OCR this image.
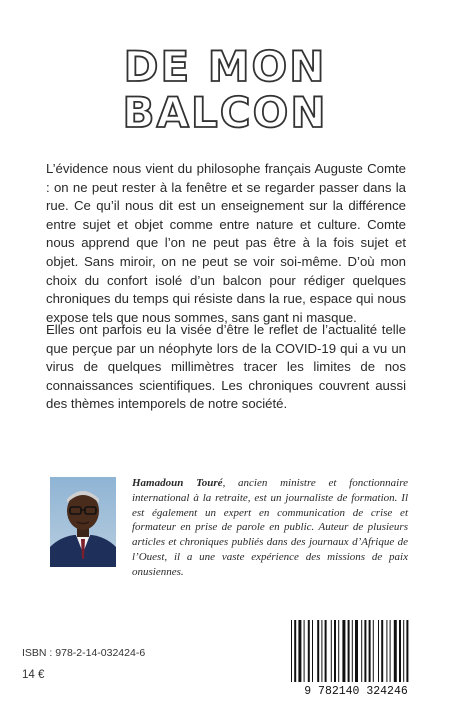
DE MON
BALCON

L’évidence nous vient du philosophe français Auguste Comte : on ne peut rester à la fenêtre et se regarder passer dans la rue. Ce qu’il nous dit est un enseignement sur la différence entre sujet et objet comme entre nature et culture. Comte nous apprend que l’on ne peut pas être à la fois sujet et objet. Sans miroir, on ne peut se voir soi-même. D’où mon choix du confort isolé d’un balcon pour rédiger quelques chroniques du temps qui résiste dans la rue, espace qui nous expose tels que nous sommes, sans gant ni masque.

Elles ont parfois eu la visée d’être le reflet de l’actualité telle que perçue par un néophyte lors de la COVID-19 qui a vu un virus de quelques millimètres tracer les limites de nos connaissances scientifiques. Les chroniques couvrent aussi des thèmes intemporels de notre société.

Hamadoun Touré, ancien ministre et fonctionnaire international à la retraite, est un journaliste de formation. Il est également un expert en communication de crise et formateur en prise de parole en public. Auteur de plusieurs articles et chroniques publiés dans des journaux d’Afrique de l’Ouest, il a une vaste expérience des missions de paix onusiennes.

ISBN : 978-2-14-032424-6
14 €
9 782140 324246
